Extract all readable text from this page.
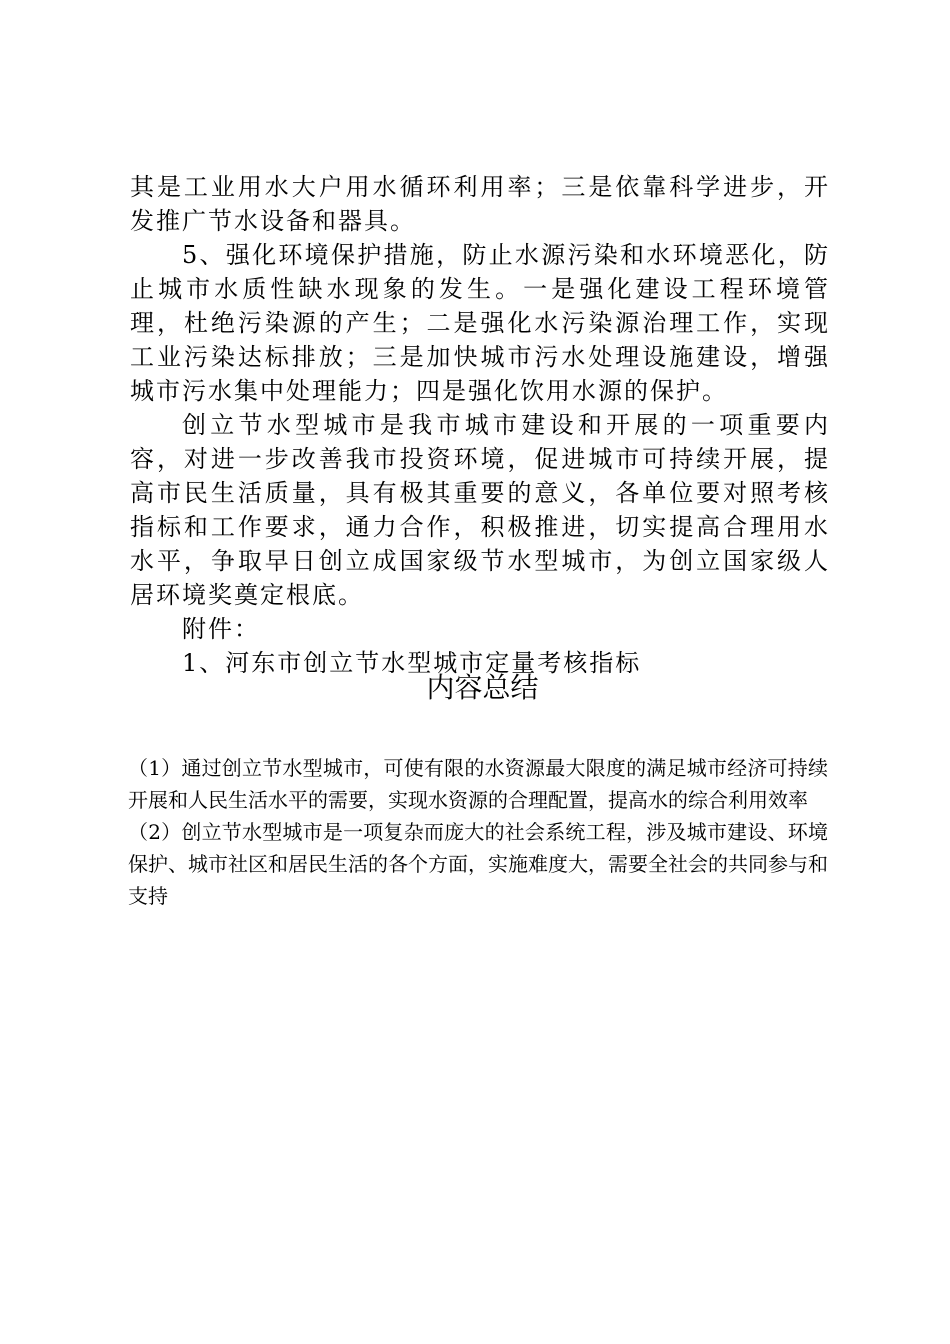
其是工业用水大户用水循环利用率；三是依靠科学进步，开发推广节水设备和器具。

5、强化环境保护措施，防止水源污染和水环境恶化，防止城市水质性缺水现象的发生。一是强化建设工程环境管理，杜绝污染源的产生；二是强化水污染源治理工作，实现工业污染达标排放；三是加快城市污水处理设施建设，增强城市污水集中处理能力；四是强化饮用水源的保护。

创立节水型城市是我市城市建设和开展的一项重要内容，对进一步改善我市投资环境，促进城市可持续开展，提高市民生活质量，具有极其重要的意义，各单位要对照考核指标和工作要求，通力合作，积极推进，切实提高合理用水水平，争取早日创立成国家级节水型城市，为创立国家级人居环境奖奠定根底。

附件：

1、河东市创立节水型城市定量考核指标

内容总结

（1）通过创立节水型城市，可使有限的水资源最大限度的满足城市经济可持续开展和人民生活水平的需要，实现水资源的合理配置，提高水的综合利用效率

（2）创立节水型城市是一项复杂而庞大的社会系统工程，涉及城市建设、环境保护、城市社区和居民生活的各个方面，实施难度大，需要全社会的共同参与和支持
